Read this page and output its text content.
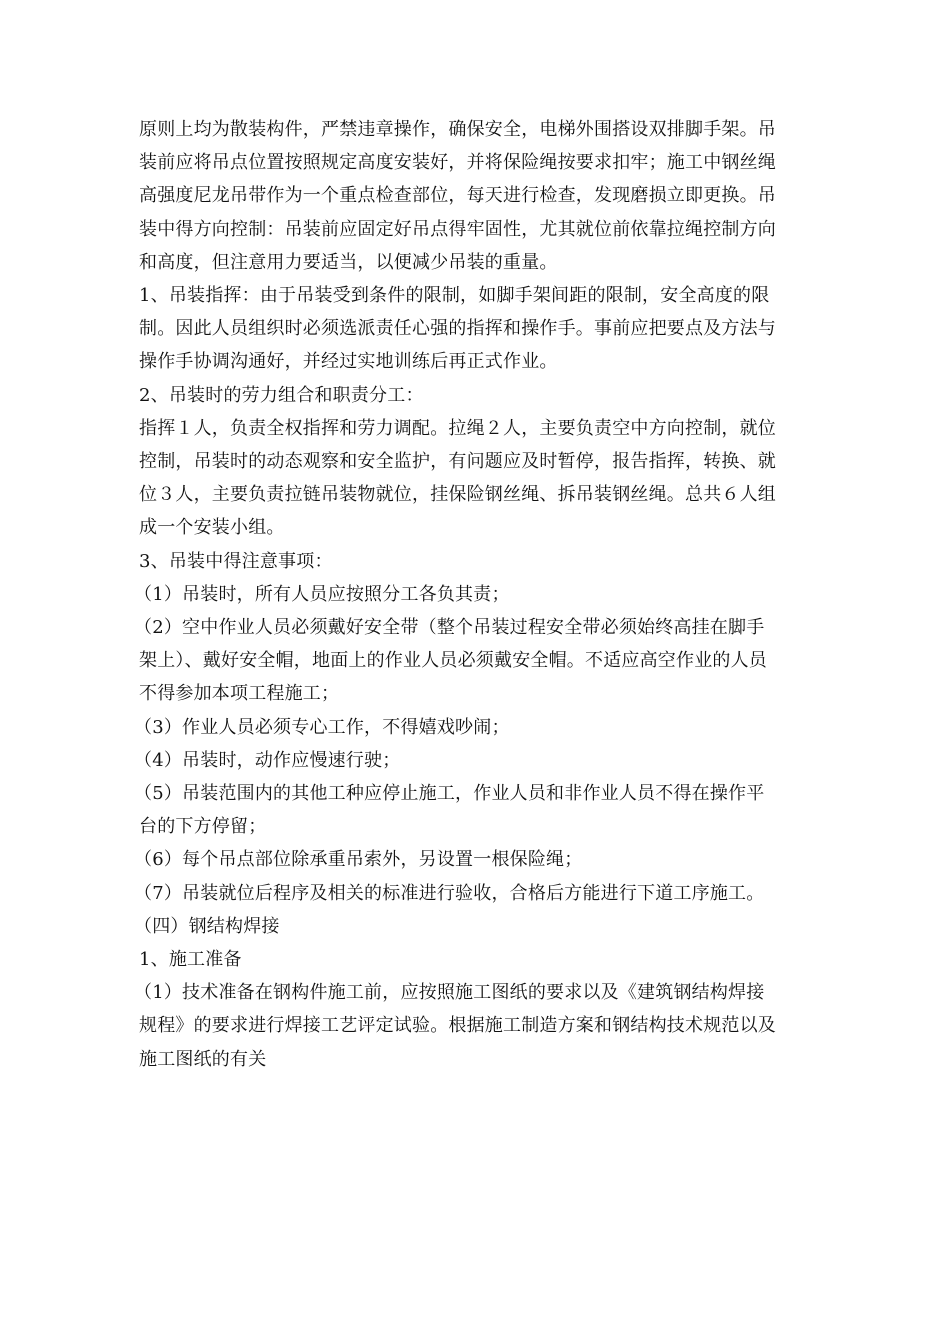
原则上均为散装构件，严禁违章操作，确保安全，电梯外围搭设双排脚手架。吊
装前应将吊点位置按照规定高度安装好，并将保险绳按要求扣牢；施工中钢丝绳
高强度尼龙吊带作为一个重点检查部位，每天进行检查，发现磨损立即更换。吊
装中得方向控制：吊装前应固定好吊点得牢固性，尤其就位前依靠拉绳控制方向
和高度，但注意用力要适当，以便减少吊装的重量。

1、吊装指挥：由于吊装受到条件的限制，如脚手架间距的限制，安全高度的限
制。因此人员组织时必须选派责任心强的指挥和操作手。事前应把要点及方法与
操作手协调沟通好，并经过实地训练后再正式作业。

2、吊装时的劳力组合和职责分工：

指挥１人，负责全权指挥和劳力调配。拉绳２人，主要负责空中方向控制，就位
控制，吊装时的动态观察和安全监护，有问题应及时暂停，报告指挥，转换、就
位３人，主要负责拉链吊装物就位，挂保险钢丝绳、拆吊装钢丝绳。总共６人组
成一个安装小组。

3、吊装中得注意事项：

（1）吊装时，所有人员应按照分工各负其责；

（2）空中作业人员必须戴好安全带（整个吊装过程安全带必须始终高挂在脚手
架上）、戴好安全帽，地面上的作业人员必须戴安全帽。不适应高空作业的人员
不得参加本项工程施工；

（3）作业人员必须专心工作，不得嬉戏吵闹；

（4）吊装时，动作应慢速行驶；

（5）吊装范围内的其他工种应停止施工，作业人员和非作业人员不得在操作平
台的下方停留；

（6）每个吊点部位除承重吊索外，另设置一根保险绳；

（7）吊装就位后程序及相关的标准进行验收，合格后方能进行下道工序施工。

（四）钢结构焊接

1、施工准备

（1）技术准备在钢构件施工前，应按照施工图纸的要求以及《建筑钢结构焊接
规程》的要求进行焊接工艺评定试验。根据施工制造方案和钢结构技术规范以及
施工图纸的有关
